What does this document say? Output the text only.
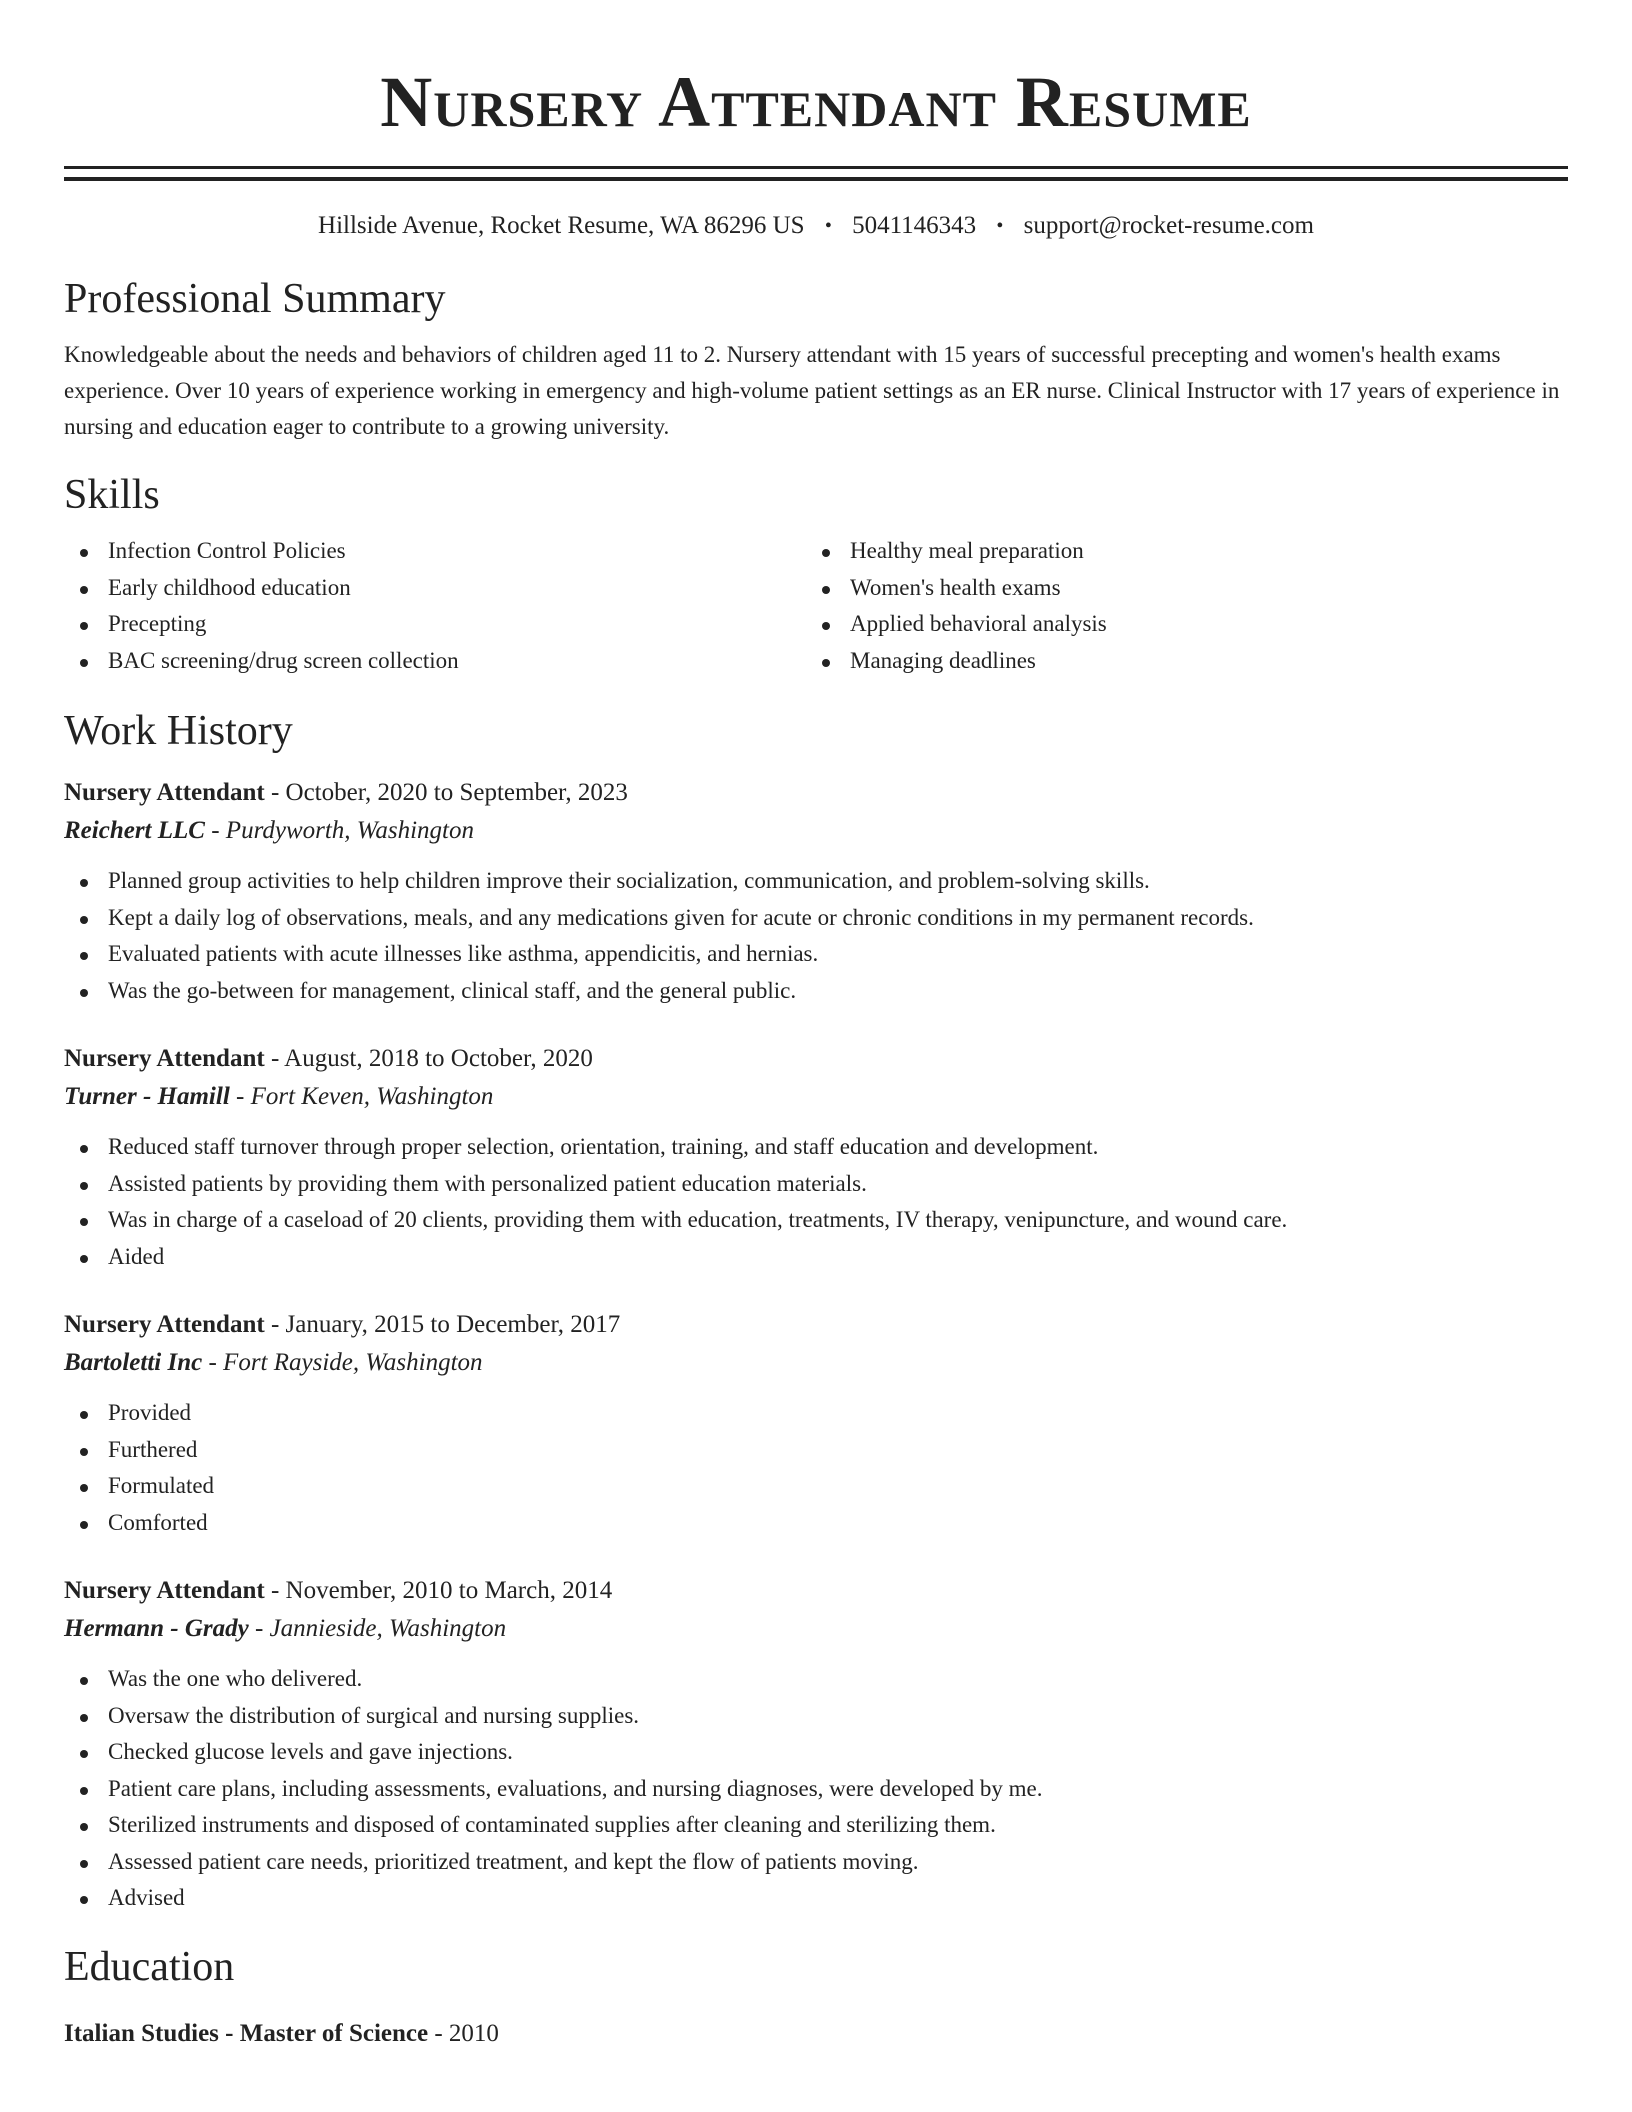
Nursery Attendant Resume
Hillside Avenue, Rocket Resume, WA 86296 US • 5041146343 • support@rocket-resume.com
Professional Summary
Knowledgeable about the needs and behaviors of children aged 11 to 2. Nursery attendant with 15 years of successful precepting and women's health exams experience. Over 10 years of experience working in emergency and high-volume patient settings as an ER nurse. Clinical Instructor with 17 years of experience in nursing and education eager to contribute to a growing university.
Skills
Infection Control Policies
Early childhood education
Precepting
BAC screening/drug screen collection
Healthy meal preparation
Women's health exams
Applied behavioral analysis
Managing deadlines
Work History
Nursery Attendant - October, 2020 to September, 2023
Reichert LLC - Purdyworth, Washington
Planned group activities to help children improve their socialization, communication, and problem-solving skills.
Kept a daily log of observations, meals, and any medications given for acute or chronic conditions in my permanent records.
Evaluated patients with acute illnesses like asthma, appendicitis, and hernias.
Was the go-between for management, clinical staff, and the general public.
Nursery Attendant - August, 2018 to October, 2020
Turner - Hamill - Fort Keven, Washington
Reduced staff turnover through proper selection, orientation, training, and staff education and development.
Assisted patients by providing them with personalized patient education materials.
Was in charge of a caseload of 20 clients, providing them with education, treatments, IV therapy, venipuncture, and wound care.
Aided
Nursery Attendant - January, 2015 to December, 2017
Bartoletti Inc - Fort Rayside, Washington
Provided
Furthered
Formulated
Comforted
Nursery Attendant - November, 2010 to March, 2014
Hermann - Grady - Jannieside, Washington
Was the one who delivered.
Oversaw the distribution of surgical and nursing supplies.
Checked glucose levels and gave injections.
Patient care plans, including assessments, evaluations, and nursing diagnoses, were developed by me.
Sterilized instruments and disposed of contaminated supplies after cleaning and sterilizing them.
Assessed patient care needs, prioritized treatment, and kept the flow of patients moving.
Advised
Education
Italian Studies - Master of Science - 2010
